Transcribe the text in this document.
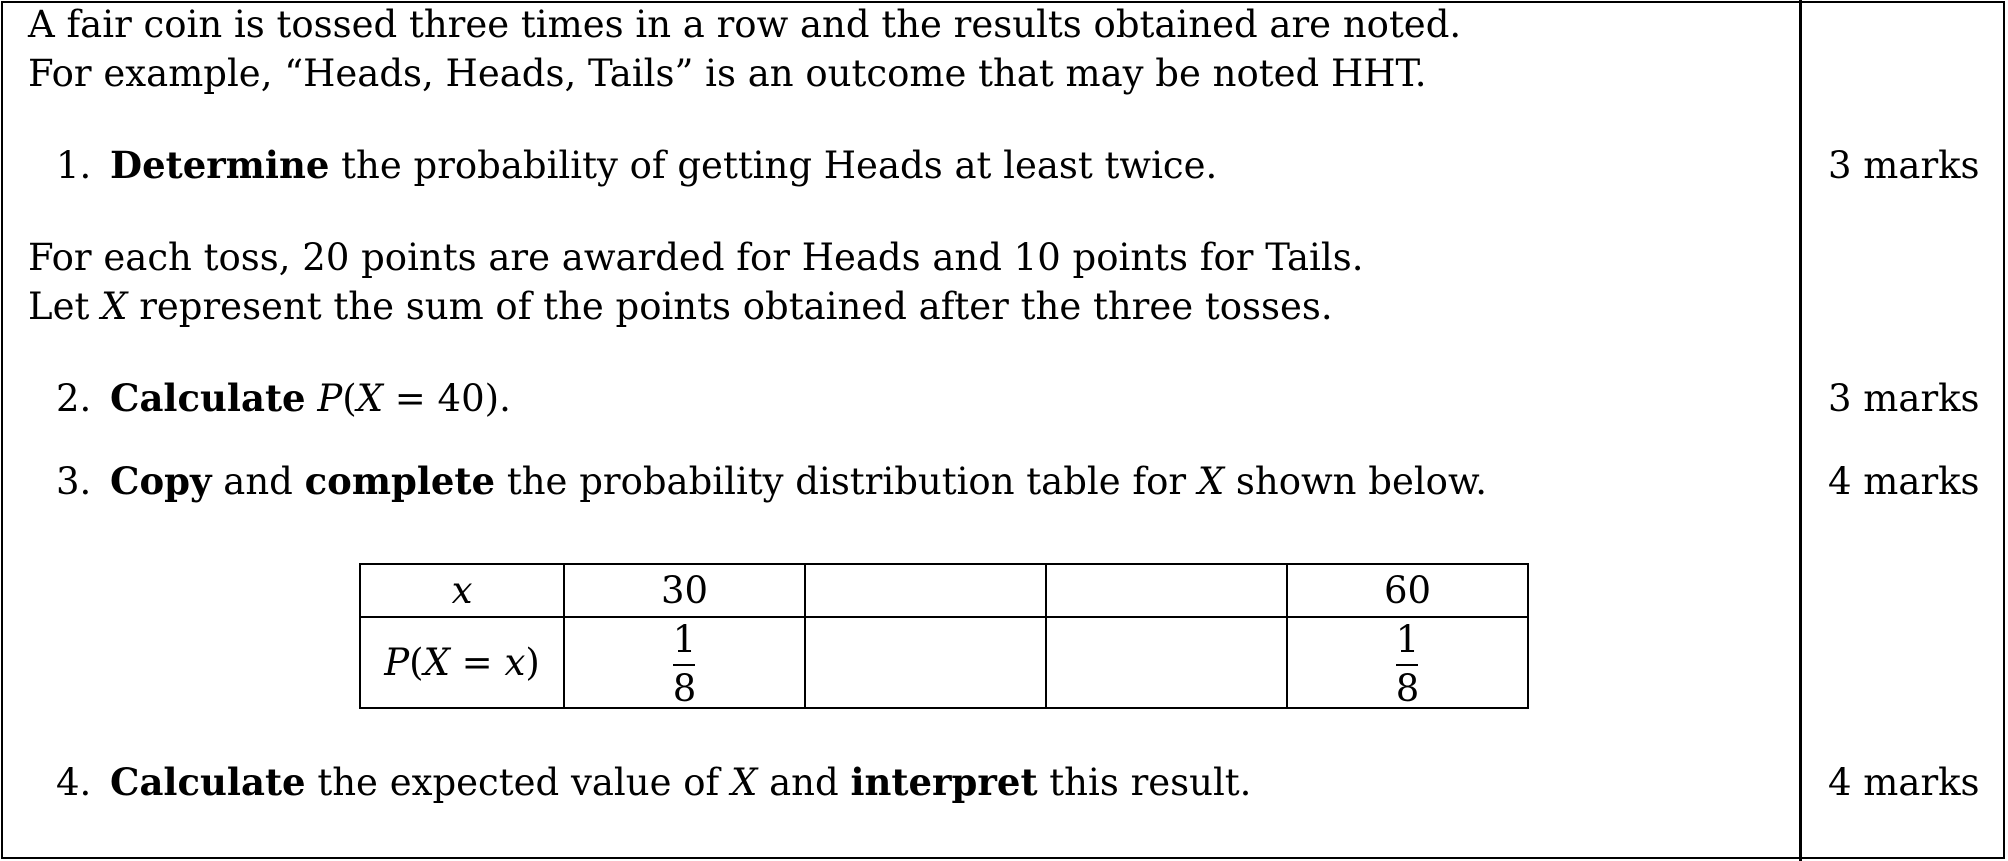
A fair coin is tossed three times in a row and the results obtained are noted.
For example, “Heads, Heads, Tails” is an outcome that may be noted HHT.
1. Determine the probability of getting Heads at least twice.	3 marks
For each toss, 20 points are awarded for Heads and 10 points for Tails.
Let X represent the sum of the points obtained after the three tosses.
2. Calculate P(X = 40).	3 marks
3. Copy and complete the probability distribution table for X shown below.	4 marks
x	30			60
P(X = x)	$\frac{1}{8}$			$\frac{1}{8}$
4. Calculate the expected value of X and interpret this result.	4 marks
